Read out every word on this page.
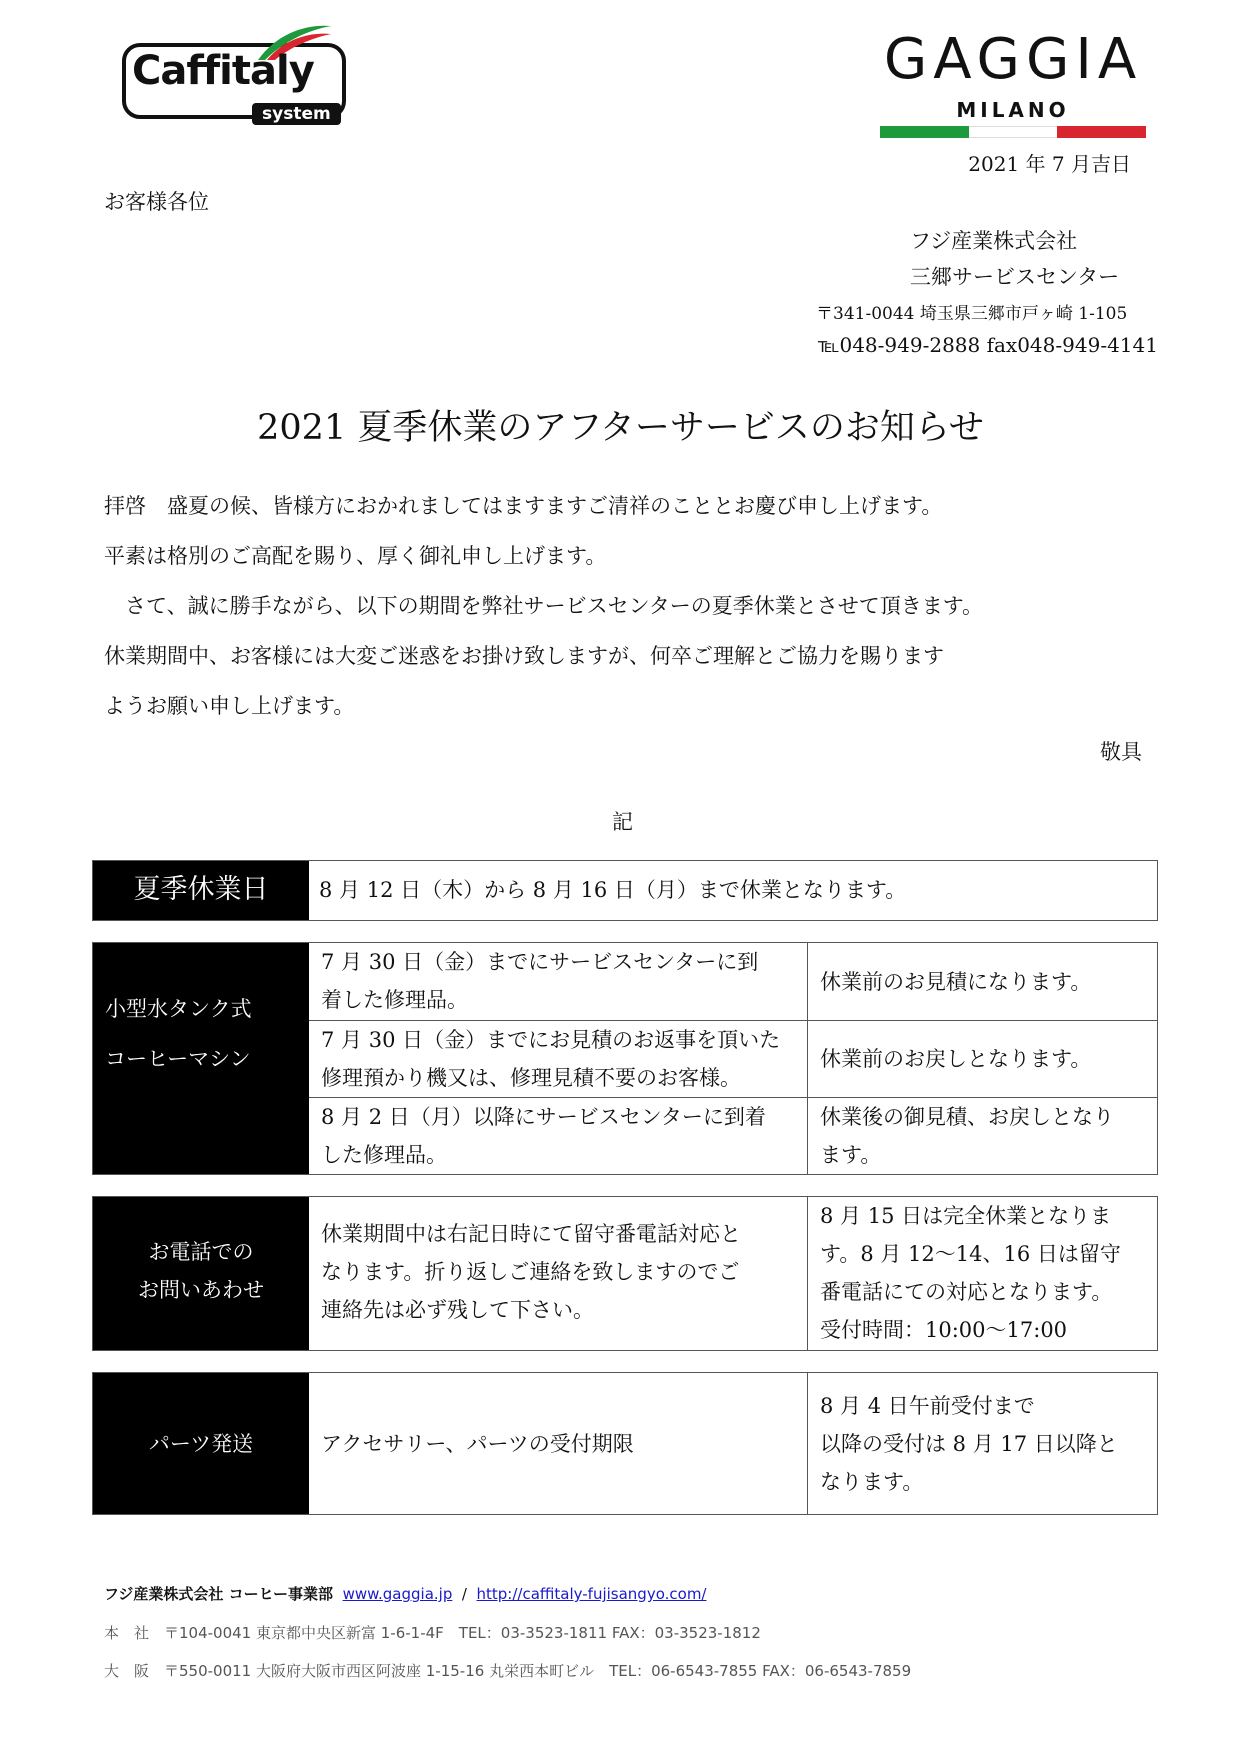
Caffitaly
system
GAGGIA
MILANO
2021 年 7 月吉日
お客様各位
フジ産業株式会社
三郷サービスセンター
〒341-0044 埼玉県三郷市戸ヶ崎 1-105
℡048-949-2888 fax048-949-4141
2021 夏季休業のアフターサービスのお知らせ
拝啓　盛夏の候、皆様方におかれましてはますますご清祥のこととお慶び申し上げます。
平素は格別のご高配を賜り、厚く御礼申し上げます。
　さて、誠に勝手ながら、以下の期間を弊社サービスセンターの夏季休業とさせて頂きます。
休業期間中、お客様には大変ご迷惑をお掛け致しますが、何卒ご理解とご協力を賜ります
ようお願い申し上げます。
敬具
記
夏季休業日	8 月 12 日（木）から 8 月 16 日（月）まで休業となります。
小型水タンク式
コーヒーマシン
7 月 30 日（金）までにサービスセンターに到
着した修理品。
休業前のお見積になります。
7 月 30 日（金）までにお見積のお返事を頂いた
修理預かり機又は、修理見積不要のお客様。
休業前のお戻しとなります。
8 月 2 日（月）以降にサービスセンターに到着
した修理品。
休業後の御見積、お戻しとなり
ます。
お電話での
お問いあわせ
休業期間中は右記日時にて留守番電話対応と
なります。折り返しご連絡を致しますのでご
連絡先は必ず残して下さい。
8 月 15 日は完全休業となりま
す。8 月 12～14、16 日は留守
番電話にての対応となります。
受付時間：10:00～17:00
パーツ発送	アクセサリー、パーツの受付期限
8 月 4 日午前受付まで
以降の受付は 8 月 17 日以降と
なります。
フジ産業株式会社 コーヒー事業部 www.gaggia.jp / http://caffitaly-fujisangyo.com/
本　社　〒104-0041 東京都中央区新富 1-6-1-4F　TEL：03-3523-1811 FAX：03-3523-1812
大　阪　〒550-0011 大阪府大阪市西区阿波座 1-15-16 丸栄西本町ビル　TEL：06-6543-7855 FAX：06-6543-7859
